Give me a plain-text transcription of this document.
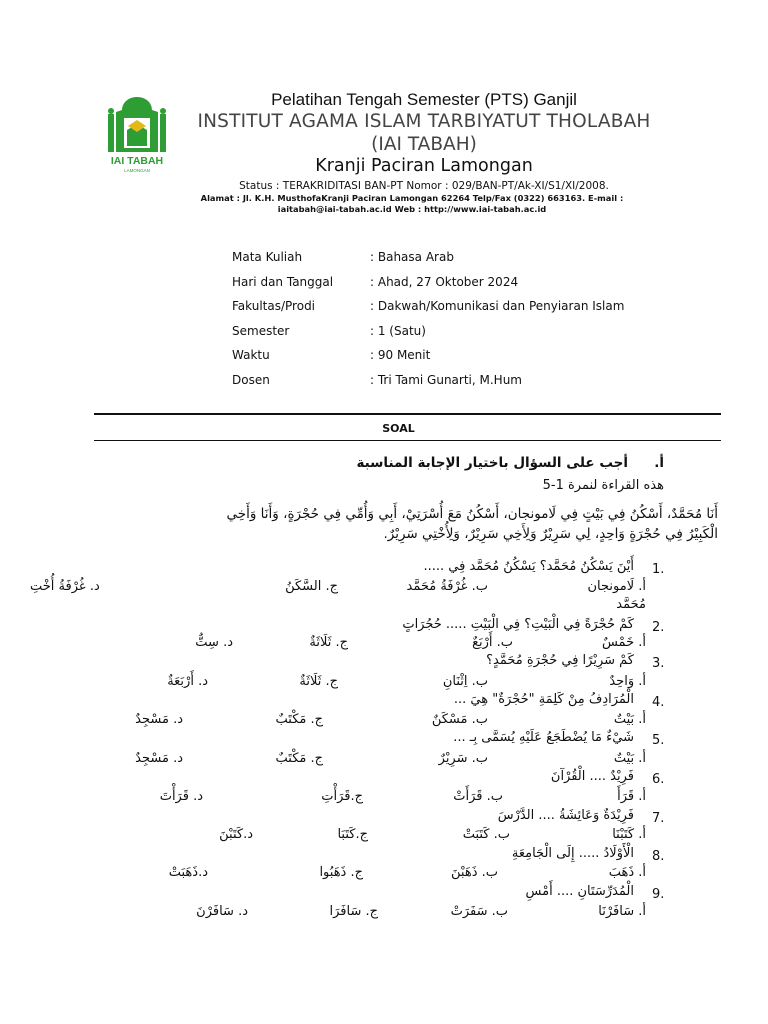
IAI TABAH
LAMONGAN
Pelatihan Tengah Semester (PTS) Ganjil
INSTITUT AGAMA ISLAM TARBIYATUT THOLABAH
(IAI TABAH)
Kranji Paciran Lamongan
Status : TERAKRIDITASI BAN-PT Nomor : 029/BAN-PT/Ak-XI/S1/XI/2008.
Alamat : Jl. K.H. MusthofaKranji Paciran Lamongan 62264 Telp/Fax (0322) 663163. E-mail : iaitabah@iai-tabah.ac.id Web : http://www.iai-tabah.ac.id
Mata Kuliah	: Bahasa Arab
Hari dan Tanggal	: Ahad, 27 Oktober 2024
Fakultas/Prodi	: Dakwah/Komunikasi dan Penyiaran Islam
Semester	: 1 (Satu)
Waktu	: 90 Menit
Dosen	: Tri Tami Gunarti, M.Hum
SOAL
أجب على السؤال باختيار الإجابة المناسبة أ.
هذه القراءة لنمرة 1-5
أَنَا مُحَمَّدٌ، أَسْكُنُ فِي بَيْتٍ فِي لَامونجان، أَسْكُنُ مَعَ أُسْرَتِيْ، أَبِي وَأُمِّي فِي حُجْرَةٍ، وَأَنَا وَأَخِي
الْكَبِيْرُ فِي حُجْرَةٍ وَاحِدٍ، لِي سَرِيْرٌ وَلِأَخِي سَرِيْرٌ، وَلِأُخْتِي سَرِيْرٌ.
1.
أَيْنَ يَسْكُنُ مُحَمَّد؟ يَسْكُنُ مُحَمَّد فِي .....
أ. لَامونجان
ب. غُرْفَةُ مُحَمَّد
ج. السَّكَنُ
د. غُرْفَةُ أُخْتِ
مُحَمَّد
2.
كَمْ حُجْرَةً فِي الْبَيْتِ؟ فِي الْبَيْتِ ..... حُجُرَاتٍ
أ. خَمْسٌ
ب. أَرْبَعٌ
ج. ثَلَاثَةٌ
د. سِتٌّ
3.
كَمْ سَرِيْرًا فِي حُجْرَةِ مُحَمَّدٍ؟
أ. وَاحِدٌ
ب. اِثْنَانِ
ج. ثَلَاثَةٌ
د. أَرْبَعَةٌ
4.
الْمُرَادِفُ مِنْ كَلِمَةِ "حُجْرَةٌ" هِيَ ...
أ. بَيْتٌ
ب. مَسْكَنٌ
ج. مَكْتَبٌ
د. مَسْجِدٌ
5.
شَيْءٌ مَا يُضْطَجَعُ عَلَيْهِ يُسَمَّى بِـ ...
أ. بَيْتٌ
ب. سَرِيْرٌ
ج. مَكْتَبٌ
د. مَسْجِدٌ
6.
فَرِيْدٌ .... الْقُرْآنَ
أ. قَرَأَ
ب. قَرَأَتْ
ج.قَرَأْتِ
د. قَرَأْتَ
7.
فَرِيْدَةٌ وَعَائِشَةُ .... الدَّرْسَ
أ. كَتَبْنَا
ب. كَتَبَتْ
ج.كَتَبَا
د.كَتَبْنَ
8.
الْأَوْلَادُ ..... إِلَى الْجَامِعَةِ
أ. ذَهَبَ
ب. ذَهَبْنَ
ج. ذَهَبُوا
د.ذَهَبَتْ
9.
الْمُدَرِّسَتَانِ .... أَمْسِ
أ. سَافَرْنَا
ب. سَفَرَتْ
ج. سَافَرَا
د. سَافَرْنَ
